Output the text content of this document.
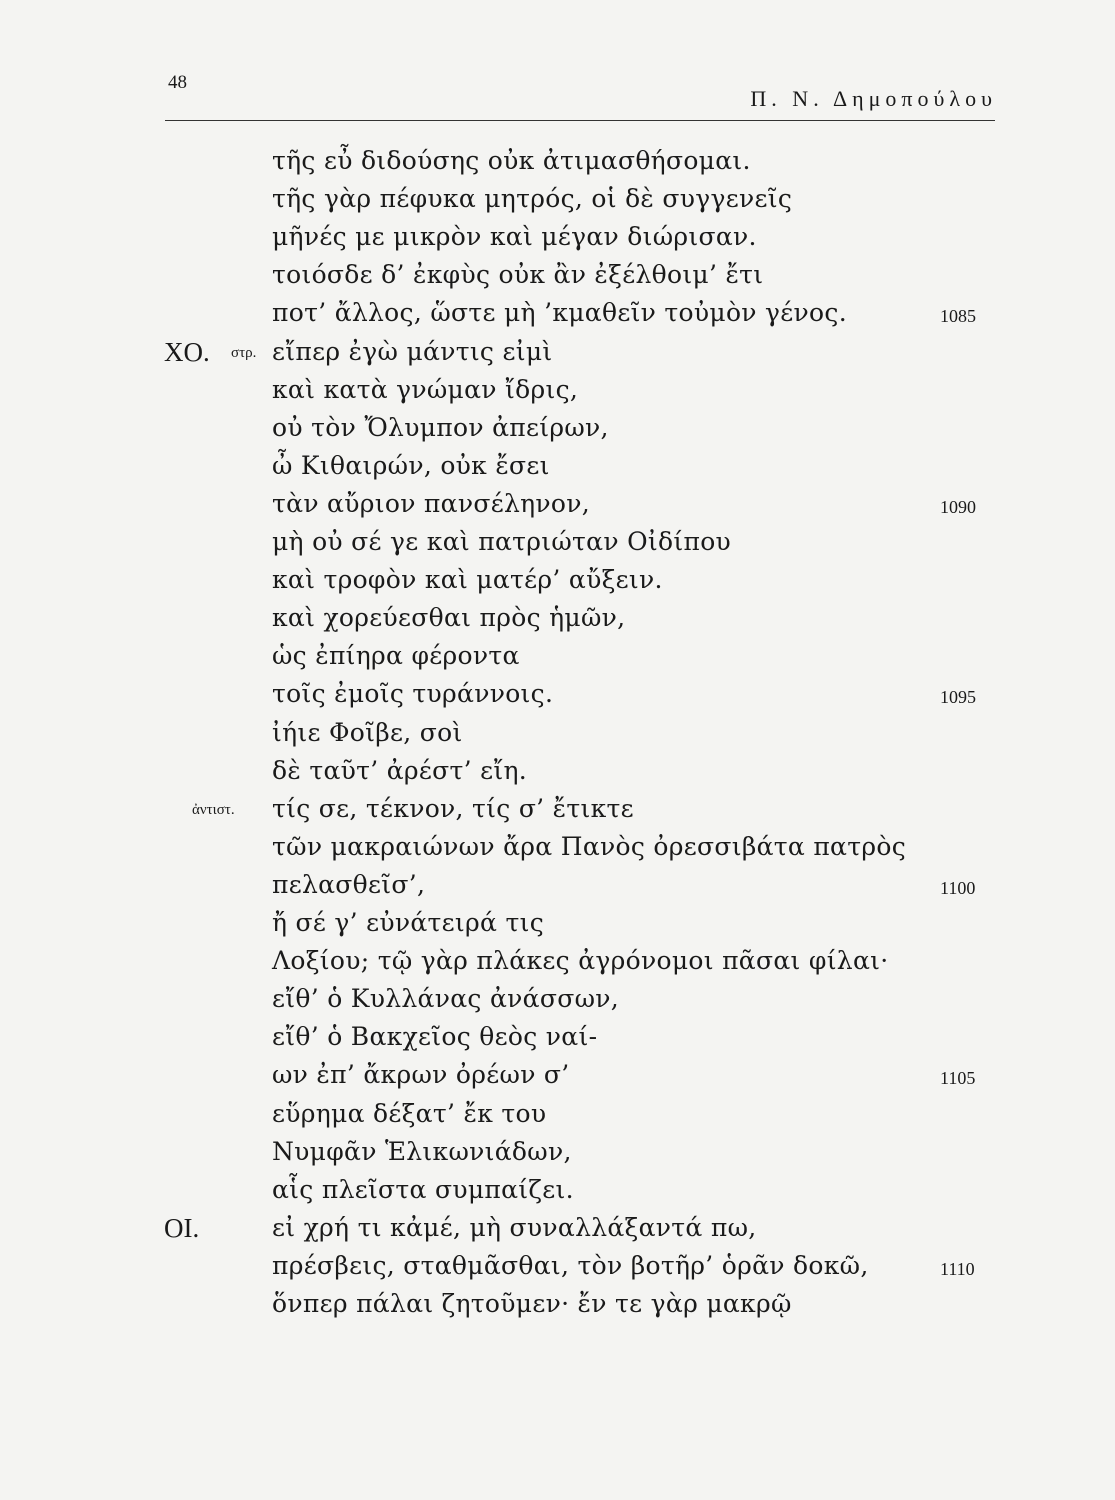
48
Π. Ν. Δημοπούλου
τῆς εὖ διδούσης οὐκ ἀτιμασθήσομαι.
τῆς γὰρ πέφυκα μητρός, οἱ δὲ συγγενεῖς
μῆνές με μικρὸν καὶ μέγαν διώρισαν.
τοιόσδε δ’ ἐκφὺς οὐκ ἂν ἐξέλθοιμ’ ἔτι
ποτ’ ἄλλος, ὥστε μὴ ’κμαθεῖν τοὐμὸν γένος.	1085
ΧΟ. στρ. εἴπερ ἐγὼ μάντις εἰμὶ
καὶ κατὰ γνώμαν ἴδρις,
οὐ τὸν Ὄλυμπον ἀπείρων,
ὦ Κιθαιρών, οὐκ ἔσει
τὰν αὔριον πανσέληνον,	1090
μὴ οὐ σέ γε καὶ πατριώταν Οἰδίπου
καὶ τροφὸν καὶ ματέρ’ αὔξειν.
καὶ χορεύεσθαι πρὸς ἡμῶν,
ὡς ἐπίηρα φέροντα
τοῖς ἐμοῖς τυράννοις.	1095
ἰήιε Φοῖβε, σοὶ
δὲ ταῦτ’ ἀρέστ’ εἴη.
ἀντιστ. τίς σε, τέκνον, τίς σ’ ἔτικτε
τῶν μακραιώνων ἄρα Πανὸς ὀρεσσιβάτα πατρὸς
πελασθεῖσ’,	1100
ἤ σέ γ’ εὐνάτειρά τις
Λοξίου; τῷ γὰρ πλάκες ἀγρόνομοι πᾶσαι φίλαι·
εἴθ’ ὁ Κυλλάνας ἀνάσσων,
εἴθ’ ὁ Βακχεῖος θεὸς ναί-
ων ἐπ’ ἄκρων ὀρέων σ’	1105
εὕρημα δέξατ’ ἔκ του
Νυμφᾶν Ἑλικωνιάδων,
αἷς πλεῖστα συμπαίζει.
ΟΙ.	εἰ χρή τι κἀμέ, μὴ συναλλάξαντά πω,
πρέσβεις, σταθμᾶσθαι, τὸν βοτῆρ’ ὁρᾶν δοκῶ,	1110
ὅνπερ πάλαι ζητοῦμεν· ἔν τε γὰρ μακρῷ
